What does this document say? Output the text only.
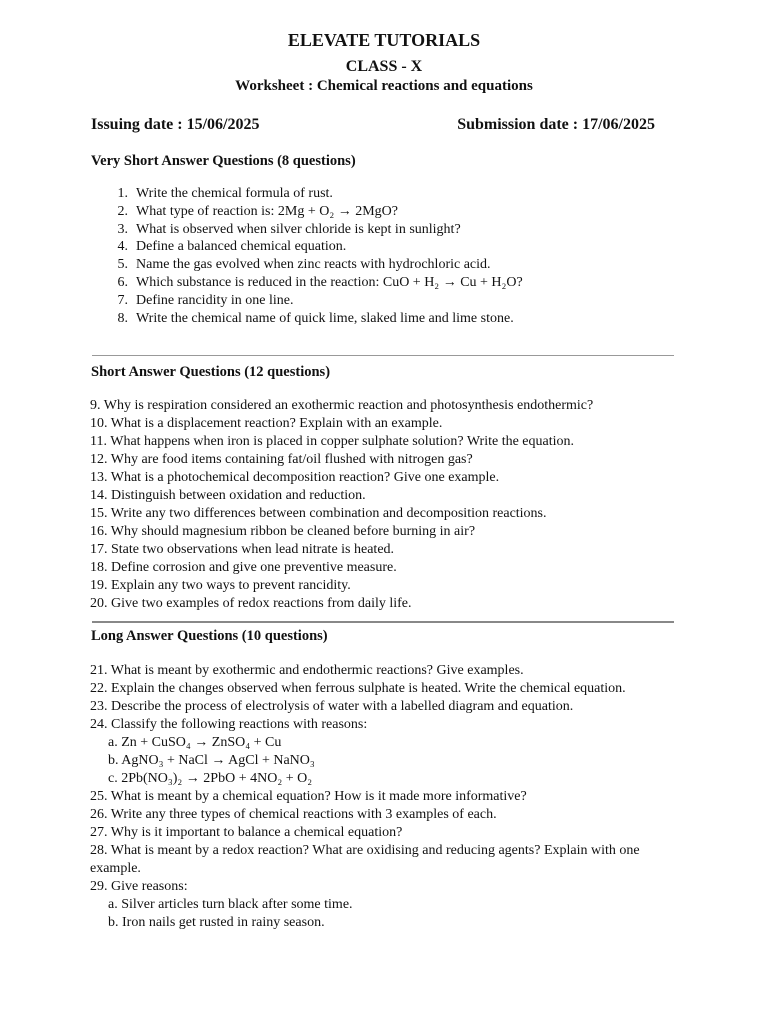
ELEVATE TUTORIALS
CLASS - X
Worksheet : Chemical reactions and equations
Issuing date : 15/06/2025	Submission date : 17/06/2025
Very Short Answer Questions (8 questions)
1. Write the chemical formula of rust.
2. What type of reaction is: 2Mg + O₂ → 2MgO?
3. What is observed when silver chloride is kept in sunlight?
4. Define a balanced chemical equation.
5. Name the gas evolved when zinc reacts with hydrochloric acid.
6. Which substance is reduced in the reaction: CuO + H₂ → Cu + H₂O?
7. Define rancidity in one line.
8. Write the chemical name of quick lime, slaked lime and lime stone.
Short Answer Questions (12 questions)
9. Why is respiration considered an exothermic reaction and photosynthesis endothermic?
10. What is a displacement reaction? Explain with an example.
11. What happens when iron is placed in copper sulphate solution? Write the equation.
12. Why are food items containing fat/oil flushed with nitrogen gas?
13. What is a photochemical decomposition reaction? Give one example.
14. Distinguish between oxidation and reduction.
15. Write any two differences between combination and decomposition reactions.
16. Why should magnesium ribbon be cleaned before burning in air?
17. State two observations when lead nitrate is heated.
18. Define corrosion and give one preventive measure.
19. Explain any two ways to prevent rancidity.
20. Give two examples of redox reactions from daily life.
Long Answer Questions (10 questions)
21. What is meant by exothermic and endothermic reactions? Give examples.
22. Explain the changes observed when ferrous sulphate is heated. Write the chemical equation.
23. Describe the process of electrolysis of water with a labelled diagram and equation.
24. Classify the following reactions with reasons:
a. Zn + CuSO₄ → ZnSO₄ + Cu
b. AgNO₃ + NaCl → AgCl + NaNO₃
c. 2Pb(NO₃)₂ → 2PbO + 4NO₂ + O₂
25. What is meant by a chemical equation? How is it made more informative?
26. Write any three types of chemical reactions with 3 examples of each.
27. Why is it important to balance a chemical equation?
28. What is meant by a redox reaction? What are oxidising and reducing agents? Explain with one example.
29. Give reasons:
a. Silver articles turn black after some time.
b. Iron nails get rusted in rainy season.
